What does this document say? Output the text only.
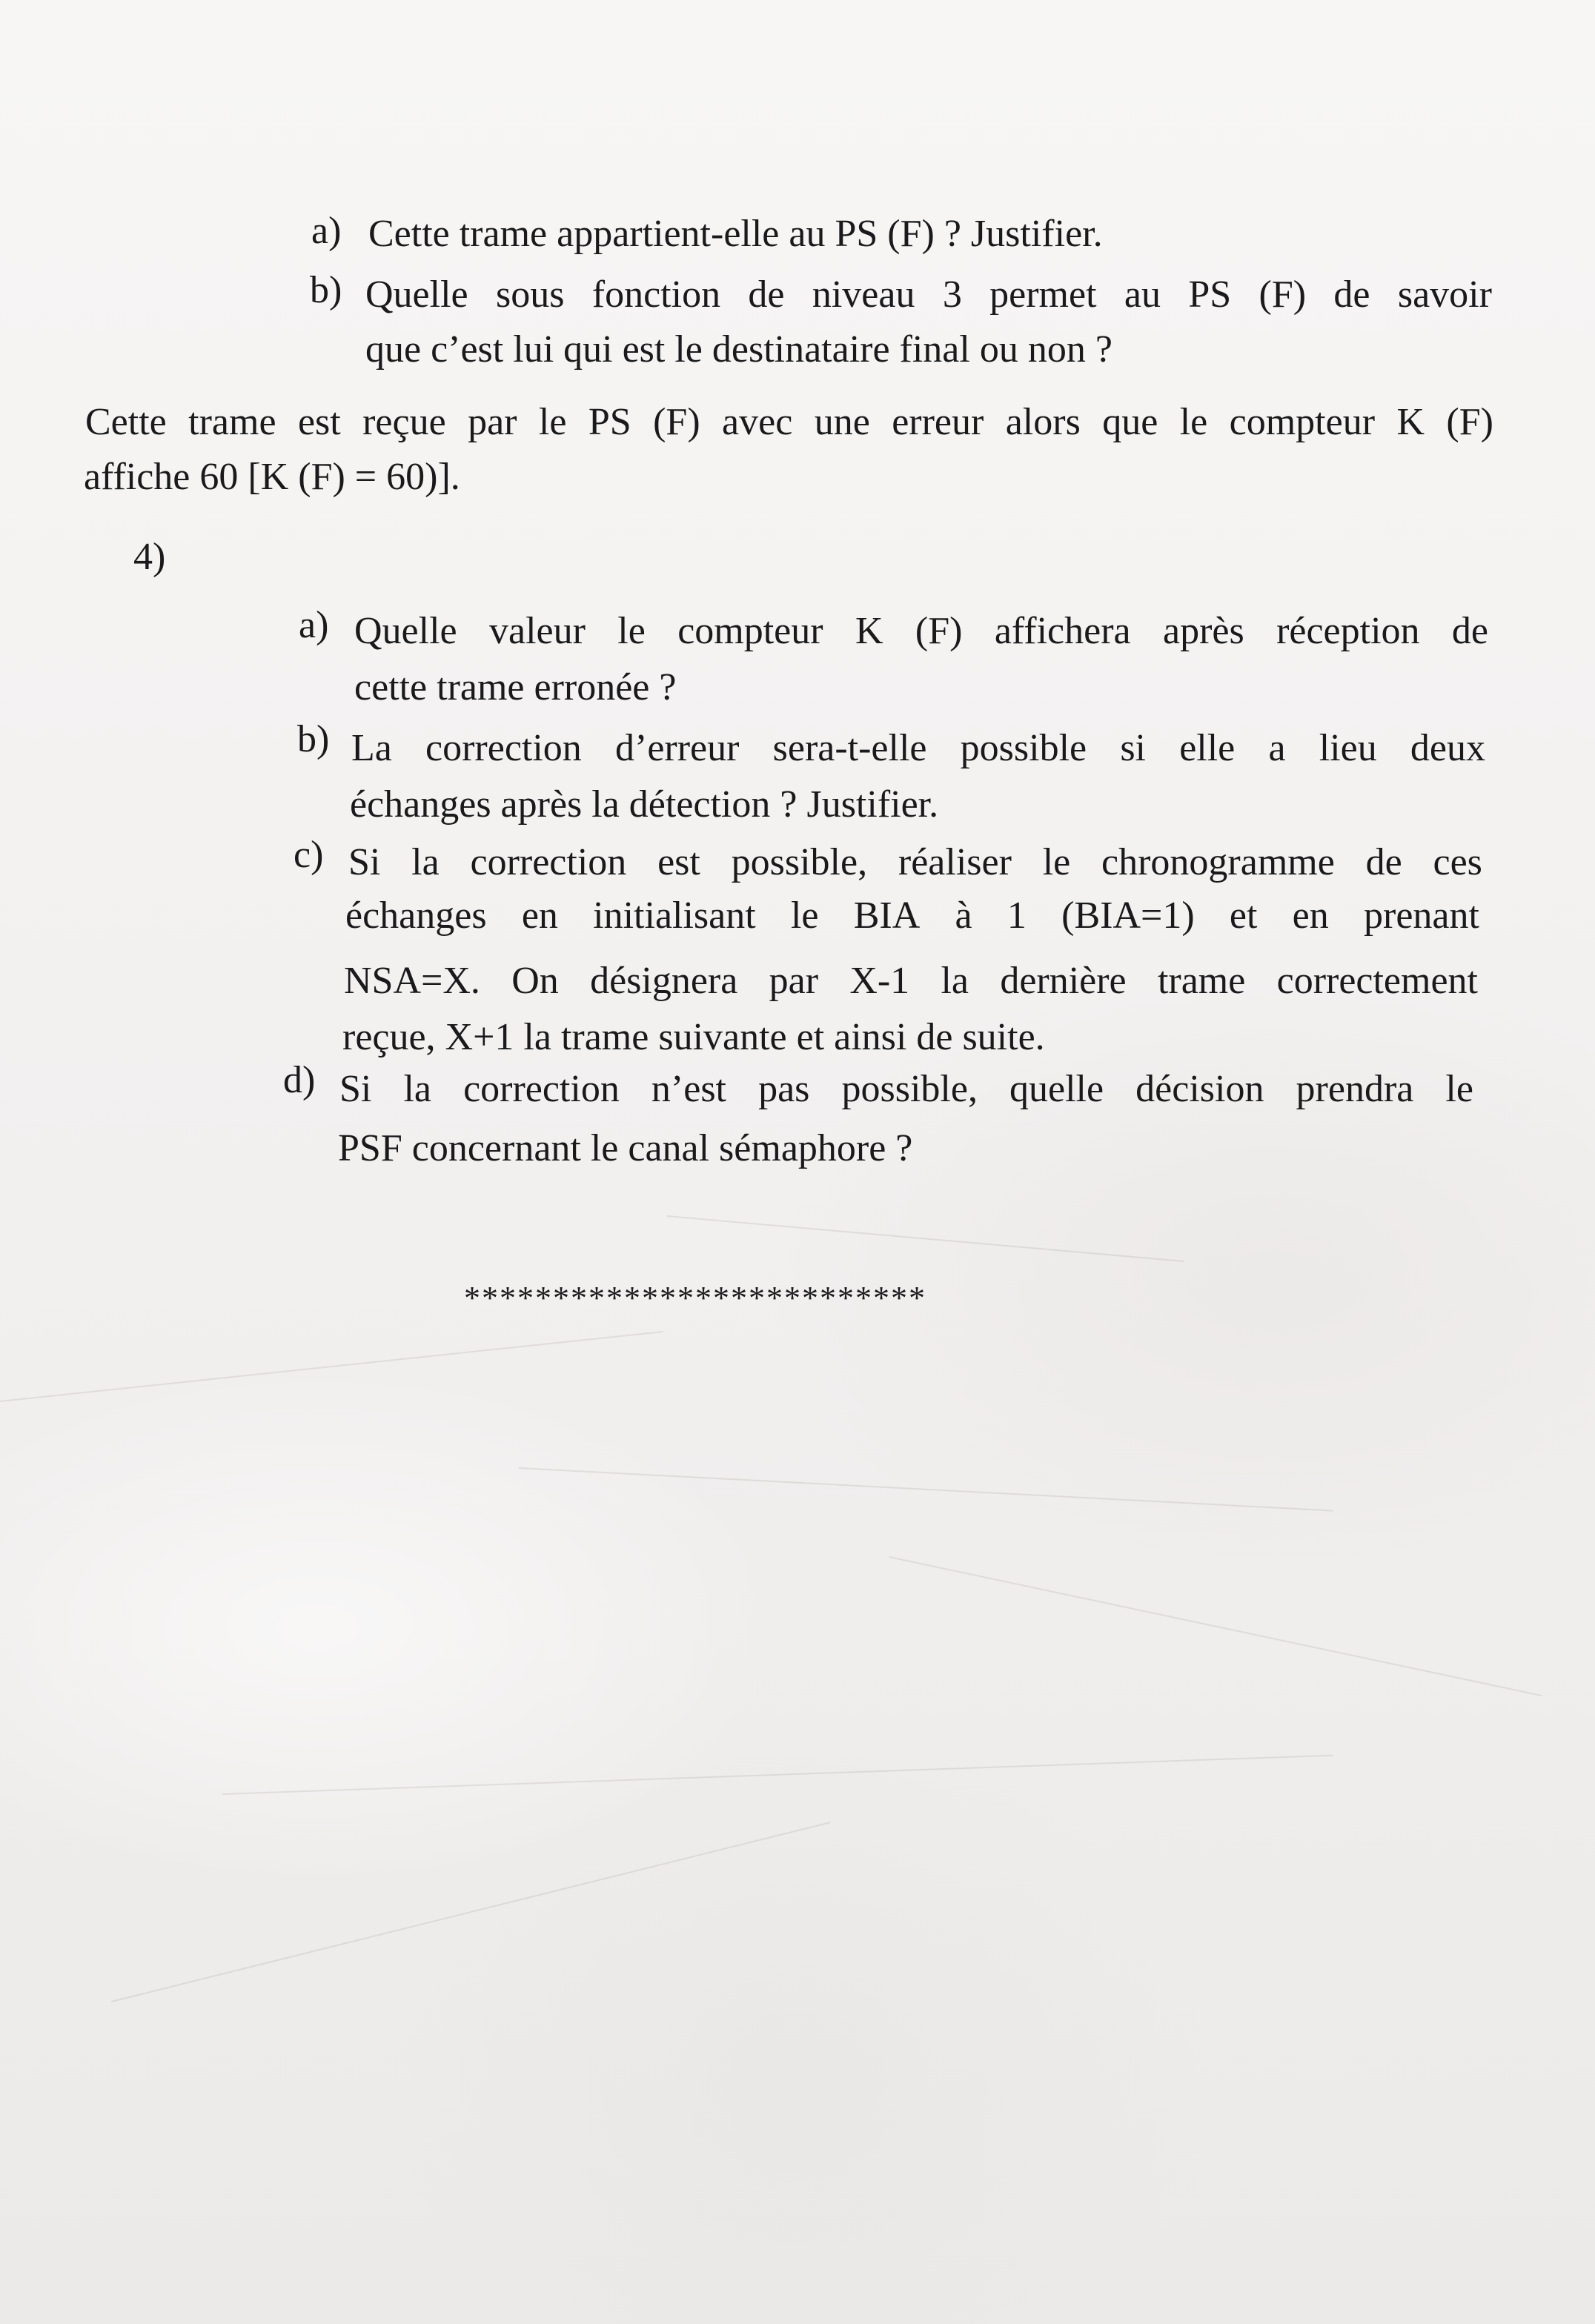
a) Cette trame appartient-elle au PS (F) ? Justifier.
b) Quelle sous fonction de niveau 3 permet au PS (F) de savoir
que c’est lui qui est le destinataire final ou non ?
Cette trame est reçue par le PS (F) avec une erreur alors que le compteur K (F)
affiche 60 [K (F) = 60)].
4)
a) Quelle valeur le compteur K (F) affichera après réception de
cette trame erronée ?
b) La correction d’erreur sera-t-elle possible si elle a lieu deux
échanges après la détection ? Justifier.
c) Si la correction est possible, réaliser le chronogramme de ces
échanges en initialisant le BIA à 1 (BIA=1) et en prenant
NSA=X. On désignera par X-1 la dernière trame correctement
reçue, X+1 la trame suivante et ainsi de suite.
d) Si la correction n’est pas possible, quelle décision prendra le
PSF concernant le canal sémaphore ?
**************************
